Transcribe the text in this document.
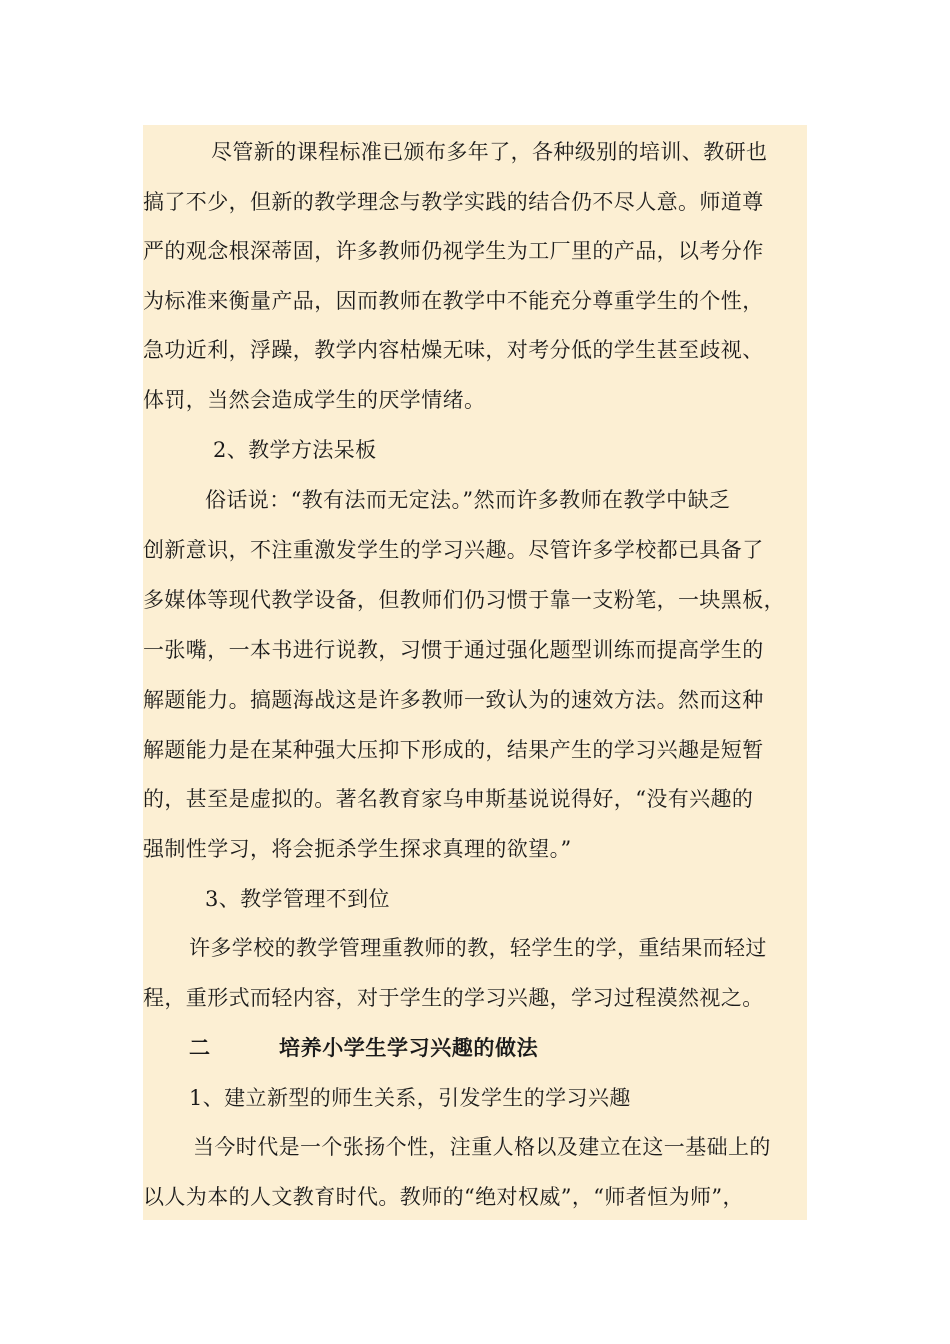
尽管新的课程标准已颁布多年了，各种级别的培训、教研也
搞了不少，但新的教学理念与教学实践的结合仍不尽人意。师道尊
严的观念根深蒂固，许多教师仍视学生为工厂里的产品，以考分作
为标准来衡量产品，因而教师在教学中不能充分尊重学生的个性，
急功近利，浮躁，教学内容枯燥无味，对考分低的学生甚至歧视、
体罚，当然会造成学生的厌学情绪。
2、教学方法呆板
俗话说：“教有法而无定法。”然而许多教师在教学中缺乏
创新意识，不注重激发学生的学习兴趣。尽管许多学校都已具备了
多媒体等现代教学设备，但教师们仍习惯于靠一支粉笔，一块黑板，
一张嘴，一本书进行说教，习惯于通过强化题型训练而提高学生的
解题能力。搞题海战这是许多教师一致认为的速效方法。然而这种
解题能力是在某种强大压抑下形成的，结果产生的学习兴趣是短暂
的，甚至是虚拟的。著名教育家乌申斯基说说得好，“没有兴趣的
强制性学习，将会扼杀学生探求真理的欲望。”
3、教学管理不到位
许多学校的教学管理重教师的教，轻学生的学，重结果而轻过
程，重形式而轻内容，对于学生的学习兴趣，学习过程漠然视之。
二	培养小学生学习兴趣的做法
1、建立新型的师生关系，引发学生的学习兴趣
当今时代是一个张扬个性，注重人格以及建立在这一基础上的
以人为本的人文教育时代。教师的“绝对权威”，“师者恒为师”，
